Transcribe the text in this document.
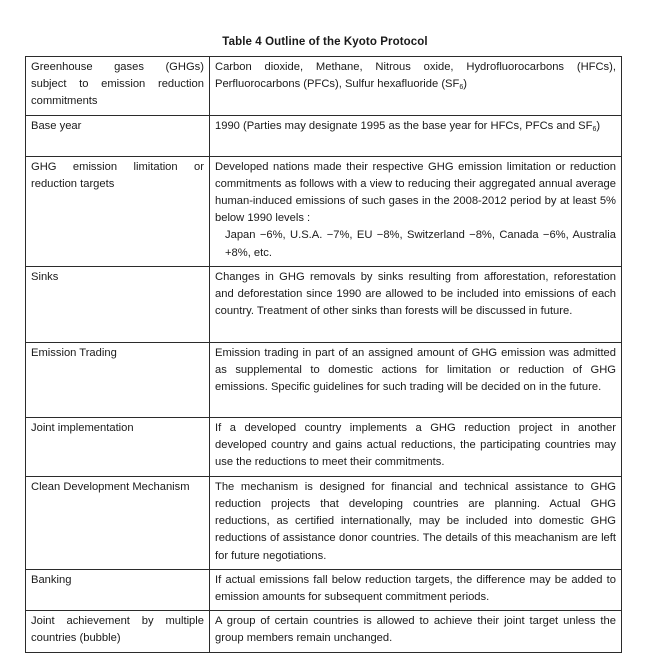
Table 4 Outline of the Kyoto Protocol
Greenhouse gases (GHGs) subject to emission reduction commitments	Carbon dioxide, Methane, Nitrous oxide, Hydrofluorocarbons (HFCs), Perfluorocarbons (PFCs), Sulfur hexafluoride $(SF_6)$
Base year	1990 (Parties may designate 1995 as the base year for HFCs, PFCs and $SF_6$)
GHG emission limitation or reduction targets	Developed nations made their respective GHG emission limitation or reduction commitments as follows with a view to reducing their aggregated annual average human-induced emissions of such gases in the 2008-2012 period by at least 5% below 1990 levels :
Japan −6%, U.S.A. −7%, EU −8%, Switzerland −8%, Canada −6%, Australia +8%, etc.

Sinks	Changes in GHG removals by sinks resulting from afforestation, reforestation and deforestation since 1990 are allowed to be included into emissions of each country. Treatment of other sinks than forests will be discussed in future.
Emission Trading	Emission trading in part of an assigned amount of GHG emission was admitted as supplemental to domestic actions for limitation or reduction of GHG emissions. Specific guidelines for such trading will be decided on in the future.
Joint implementation	If a developed country implements a GHG reduction project in another developed country and gains actual reductions, the participating countries may use the reductions to meet their commitments.
Clean Development Mechanism	The mechanism is designed for financial and technical assistance to GHG reduction projects that developing countries are planning. Actual GHG reductions, as certified internationally, may be included into domestic GHG reductions of assistance donor countries. The details of this meachanism are left for future negotiations.
Banking	If actual emissions fall below reduction targets, the difference may be added to emission amounts for subsequent commitment periods.
Joint achievement by multiple countries (bubble)	A group of certain countries is allowed to achieve their joint target unless the group members remain unchanged.
